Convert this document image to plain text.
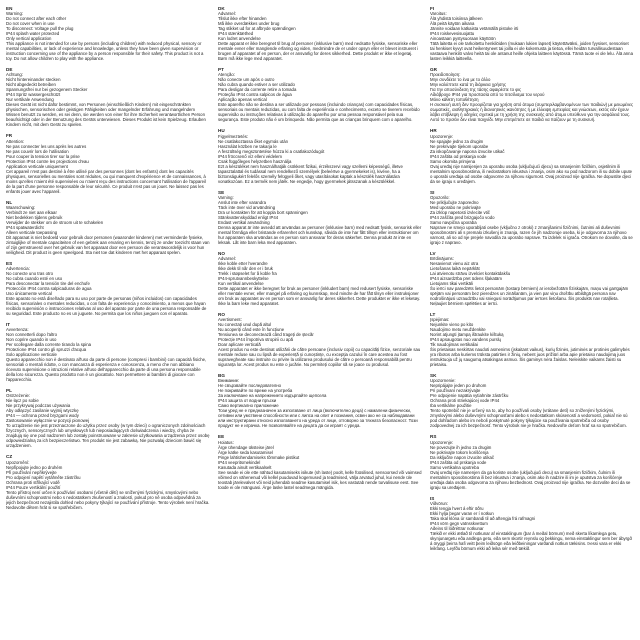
EN
Warning:
Do not connect after each other
Do not cover when in use
To disconnect: Voltage pull the plug
IP44 splash water protected
Only vertical application
This appliance is not intended for use by persons (including children) with reduced physical, sensory or mental capabilities, or lack of experience and knowledge, unless they have been given supervision or instruction concerning use of the appliance by a person responsible for their safety. This product is not a toy. Do not allow children to play with the appliance.
DE
Achtung:
Nicht hintereinander stecken
Nicht abgedeckt betreiben
Spannungsfrei nur bei gezogenem Stecker
IP44 Spritz wassergeschützt
Nur vertikale Anwendung
Dieses Gerät ist nicht dafür bestimmt, von Personen (einschließlich Kindern) mit eingeschränkten physischen, sensorischen oder geistigen Fähigkeiten oder mangelnder Erfahrung und mangelndem Wissen benutzt zu werden, es sei denn, sie werden von einer für ihre Sicherheit verantwortlichen Person beaufsichtigt oder in der Benutzung des Geräts unterwiesen. Dieses Produkt ist kein Spielzeug. Erlauben Kindern nicht, mit dem Gerät zu spielen.
FR
Attention:
Ne pas connecter les uns après les autres
Ne pas couvrir lors de l'utilisation
Pour couper la tension tirer sur la prise
Protection IP44 contre les projections d'eau
Application verticale uniquement
Cet appareil n'est pas destiné à être utilisé par des personnes (dont les enfants) dont les capacités physiques, sensorielles ou mentales sont réduites, ou qui manquent d'expérience et de connaissances, à moins qu'elles n'aient été supervisées ou n'aient reçu des instructions concernant l'utilisation de l'appareil de la part d'une personne responsable de leur sécurité. Ce produit n'est pas un jouet. Ne laissez pas les enfants jouer avec l'appareil.
NL
Waarschuwing:
Verbindt ze niet aan elkaar
Niet bedekken tijdens gebruik
Verwijder de stekker om de stroom uit te schakelen
IP44 spatwaterdicht
Alleen verticale toepassing
Dit apparaat is niet bedoeld voor gebruik door personen (waaronder kinderen) met verminderde fysieke, zintuiglijke of mentale capaciteiten of een gebrek aan ervaring en kennis, tenzij ze onder toezicht staan van of zijn geïnstrueerd over het gebruik van het apparaat door een persoon die verantwoordelijk is voor hun veiligheid. Dit product is geen speelgoed. Sta niet toe dat kinderen met het apparaat spelen.
ES
Advertencia:
No conecte uno tras otro
No cubra cuando esté en uso
Para desconectar la tensión tire del enchufe
Protección IP44 contra salpicaduras de agua
Uso únicamente vertical
Este aparato no está diseñado para su uso por parte de personas (niños incluidos) con capacidades físicas, sensoriales o mentales reducidas, o con falta de experiencia y conocimiento, a menos que hayan recibido supervisión o instrucciones relativas al uso del aparato por parte de una persona responsable de su seguridad. Este producto no es un juguete. No permita que los niños jueguen con el aparato.
IT
Avvertenza:
Non connetterli dopo l'altro
Non coprire quando in uso
Per scollegare dalla corrente tirando la spina
Protezione IP44 contro gli spruzzi d'acqua
Solo applicazione verticale
Questo apparecchio non è destinato all'uso da parte di persone (compresi i bambini) con capacità fisiche, sensoriali o mentali ridotte, o con mancanza di esperienza e conoscenza, a meno che non abbiano ricevuto supervisione o istruzioni relative all'uso dell'apparecchio da parte di una persona responsabile della loro sicurezza. Questo prodotto non è un giocattolo. Non permettere ai bambini di giocare con l'apparecchio.
PL
Ostrzeżenie:
Nie łącz po sobie
Nie przykrywaj podczas używania
Aby odłączyć zasilanie wyjmij wtyczkę
IP44 — ochrona przed bryzgami wody
Zastosowanie wyłącznie w pozycji pionowej
To urządzenie nie jest przeznaczone do użytku przez osoby (w tym dzieci) o ograniczonych zdolnościach fizycznych, sensorycznych lub umysłowych lub nieposiadających doświadczenia i wiedzy, chyba że znajdują się one pod nadzorem lub zostały poinstruowane w zakresie użytkowania urządzenia przez osobę odpowiedzialną za ich bezpieczeństwo. Ten produkt nie jest zabawką. Nie pozwalaj dzieciom bawić się urządzeniem.
CZ
Upozornění:
Nepřipojujte jedno po druhém
Při používání nepřikrývejte
Pro odpojení napětí vytáhněte zástrčku
Ochrana proti stříkající vodě
IP44 Pouze vertikální použití
Tento přístroj není určen k používání osobami (včetně dětí) se sníženými fyzickými, smyslovými nebo duševními schopnostmi nebo s nedostatkem zkušeností a znalostí, pokud pro ně osoba odpovědná za jejich bezpečnost nezajistila dohled nebo pokyny týkající se používání přístroje. Tento výrobek není hračka. Nedovolte dětem hrát si se spotřebičem.
DK
Advarsel:
Tilslut ikke efter hinanden
Må ikke overdækkes under brug
Tag stikket ud for at afbryde spændingen
IP44 stænktæthed
Kun lodret anvendelse
Dette apparat er ikke beregnet til brug af personer (inklusive børn) med nedsatte fysiske, sensoriske eller mentale evner eller manglende erfaring og viden, medmindre de er under opsyn eller er blevet instrueret i brugen af apparatet af en person, der er ansvarlig for deres sikkerhed. Dette produkt er ikke et legetøj. Børn må ikke lege med apparatet.
PT
Atenção:
Não conecte um após o outro
Não cubra quando estiver a ser utilizado
Para desligar da corrente retire a tomada
Proteção IP44 contra salpicos de água
Aplicação apenas vertical
Este aparelho não se destina a ser utilizado por pessoas (incluindo crianças) com capacidades físicas, sensoriais ou mentais reduzidas, ou com falta de experiência e conhecimento, exceto se tiverem recebido supervisão ou instruções relativas à utilização do aparelho por uma pessoa responsável pela sua segurança. Este produto não é um brinquedo. Não permita que as crianças brinquem com o aparelho.
HU
Figyelmeztetés:
Ne csatlakoztassa őket egymás után
Használat közben ne takarja le
A feszültség megszüntetése húzza ki a csatlakozódugót
IP44 fröccsenő víz elleni védelem
Csak függőleges helyzetben használja
Ezt a készüléket nem használhatják csökkent fizikai, érzékszervi vagy szellemi képességű, illetve tapasztalattal és tudással nem rendelkező személyek (beleértve a gyermekeket is), kivéve, ha a biztonságukért felelős személy felügyeli őket, vagy utasításokat kaptak a készülék használatára vonatkozóan. Ez a termék nem játék. Ne engedje, hogy gyermekek játsszanak a készülékkel.
SE
Varning:
Anslut inte efter varandra
Täck inte över vid användning
Dra ur kontakten för att koppla bort spänningen
Stänkvattenskyddad enligt IP44
Endast vertikal användning
Denna apparat är inte avsedd att användas av personer (inklusive barn) med nedsatt fysisk, sensorisk eller mental förmåga eller bristande erfarenhet och kunskap, såvida de inte har fått tillsyn eller instruktioner om hur apparaten ska användas av en person som ansvarar för deras säkerhet. Denna produkt är inte en leksak. Låt inte barn leka med apparaten.
NO
Advarsel:
Ikke koble etter hverandre
Ikke dekk til når den er i bruk
Trekk i støpselet for å koble fra
IP44-sprutvannbeskyttelse
Kun vertikal anvendelse
Dette apparatet er ikke beregnet for bruk av personer (inkludert barn) med redusert fysiske, sensoriske eller mentale evner, eller mangel på erfaring og kunnskap, med mindre de har fått tilsyn eller instruksjoner om bruk av apparatet av en person som er ansvarlig for deres sikkerhet. Dette produktet er ikke et leketøy. Ikke la barn leke med apparatet.
RO
Avertisment:
Nu conectați unul după altul
Nu acoperiți când este în funcțiune
Tensiunea se deconectează când trageți de ștecăr
Protecție IP44 împotriva stropirii cu apă
Doar aplicare verticală
Acest produs nu este destinat utilizării de către persoane (inclusiv copii) cu capacități fizice, senzoriale sau mentale reduse sau cu lipsă de experiență și cunoștințe, cu excepția cazului în care acestea au fost supravegheate sau instruite cu privire la utilizarea produsului de către o persoană responsabilă pentru siguranța lor. Acest produs nu este o jucărie. Nu permiteți copiilor să se joace cu produsul.
BG
Внимание:
Не свързвайте последователно
Не покривайте по време на употреба
За изключване на напрежението издърпайте щепсела
IP44 защита от водни пръски
Само вертикално приложение
Този уред не е предназначен за използване от лица (включително деца) с намалени физически, сетивни или умствени способности или с липса на опит и познания, освен ако не са наблюдавани или инструктирани относно използването на уреда от лице, отговорно за тяхната безопасност. Този продукт не е играчка. Не позволявайте на децата да си играят с уреда.
EE
Hoiatus:
Ärge ühendage üksteise järel
Ärge katke seda kasutamisel
Pinge lahtiühendamiseks tõmmake pistikut
IP44 veepritsmekindel
Kasutada ainult vertikaalselt
See seade ei ole ette nähtud kasutamiseks isikute (sh laste) poolt, kelle füüsilised, sensoorsed või vaimsed võimed on vähenenud või kellel puuduvad kogemused ja teadmised, välja arvatud juhul, kui nende üle teostab järelevalvet või neid juhendab seadme kasutamisel isik, kes vastutab nende turvalisuse eest. See toode ei ole mänguasi. Ärge laske lastel seadmega mängida.
FI
Varoitus:
Älä yhdistä toisiinsa jälkeen
Älä peitä käytön aikana
Jännite voidaan katkaista vetämällä pistoke irti
IP44 roiskevesisuojattu
Ainoastaan pystysuoraan käyttöön
Tätä laitetta ei ole tarkoitettu henkilöiden (mukaan lukien lapset) käytettäväksi, joiden fyysiset, sensoriset tai henkiset kyvyt ovat heikentyneet tai joilla ei ole kokemusta ja tietoa, ellei heidän turvallisuudestaan vastaava henkilö valvo heitä tai ole antanut heille ohjeita laitteen käytössä. Tämä tuote ei ole lelu. Älä anna lasten leikkiä laitteella.
GR
Προειδοποίηση:
Μην συνδέετε το ένα με το άλλο
Μην καλύπτετε κατά τη διάρκεια χρήσης
Για την αποσύνδεση της τάσης αφαιρέστε το φις
Αδιάβροχο IP44 για προστασία από το πιτσίλισμα του νερού
Μόνο κάθετη τοποθέτηση
Η συσκευή αυτή δεν προορίζεται για χρήση από άτομα (συμπεριλαμβανομένων των παιδιών) με μειωμένες σωματικές, αισθητηριακές ή διανοητικές ικανότητες ή με έλλειψη εμπειρίας και γνώσεων, εκτός εάν έχουν λάβει επίβλεψη ή οδηγίες σχετικά με τη χρήση της συσκευής από άτομο υπεύθυνο για την ασφάλειά τους. Αυτό το προϊόν δεν είναι παιχνίδι. Μην επιτρέπετε σε παιδιά να παίζουν με τη συσκευή.
HR
Upozorenje:
Ne spajajte jedno za drugim
Ne prekrivajte tijekom uporabe
Za iskopčavanje napona izvucite utikač
IP44 zaštita od prskanja vode
Samo okomita primjena
Ovaj uređaj nije namijenjen za uporabu osoba (uključujući djecu) sa smanjenim fizičkim, osjetilnim ili mentalnim sposobnostima, ili nedostatkom iskustva i znanja, osim ako su pod nadzorom ili su dobile upute o uporabi uređaja od osobe odgovorne za njihovu sigurnost. Ovaj proizvod nije igračka. Ne dopustite djeci da se igraju s uređajem.
SI
Opozorilo:
Ne priključujte zaporedno
Med uporabo ne pokrivajte
Za izklop napetosti izvlecite vtič
IP44 zaščita pred brizgajočo vodo
Samo navpična uporaba
Naprave ne smejo uporabljati osebe (vključno z otroki) z zmanjšanimi fizičnimi, čutnimi ali duševnimi sposobnostmi ali s premalo izkušenj in znanja, razen če jih nadzoruje oseba, ki je odgovorna za njihovo varnost, ali so od nje prejele navodila za uporabo naprave. Ta izdelek ni igrača. Otrokom ne dovolite, da se igrajo z napravo.
LV
Brīdinājums:
Nesavienot vienu aiz otra
Lietošanas laikā nepārklāt
Lai atvienotu strāvu izvelciet kontaktdakšu
IP44 aizsardzība pret ūdens šļakatām
Lietojams tikai vertikāli
Šo ierīci nav paredzēts lietot personām (tostarp bērniem) ar ierobežotām fiziskajām, maņu vai garīgajām spējām vai personām bez pieredzes un zināšanām, ja vien par viņu drošību atbildīgā persona nav nodrošinājusi uzraudzību vai sniegusi norādījumus par ierīces lietošanu. Šis produkts nav rotaļlieta. Neļaujiet bērniem spēlēties ar ierīci.
LT
Įspėjimas:
Nejunkite vieno po kito
Naudojimo metu neuždenkite
Norint atjungti įtampą ištraukite kištuką
IP44 apsaugotas nuo vandens purslų
Tik naudojimas vertikaliai
Šis prietaisas neskirtas naudoti asmenims (įskaitant vaikus), kurių fizinės, jutiminės ar protinės galimybės yra ribotos arba kuriems trūksta patirties ir žinių, nebent juos prižiūri arba apie prietaiso naudojimą juos instruktuoja už jų saugumą atsakingas asmuo. Šis gaminys nėra žaislas. Neleiskite vaikams žaisti su prietaisu.
SK
Upozornenie:
Nepripájajte jeden po druhom
Pri používaní nezakrývajte
Pre odpojenie napätia vytiahnite zástrčku
Ochrana proti striekajúcej vode IP44
Iba vertikálne použitie
Tento spotrebič nie je určený na to, aby ho používali osoby (vrátane detí) so zníženými fyzickými, zmyslovými alebo duševnými schopnosťami alebo s nedostatkom skúseností a vedomostí, pokiaľ nie sú pod dohľadom alebo im neboli poskytnuté pokyny týkajúce sa používania spotrebiča od osoby zodpovednej za ich bezpečnosť. Tento výrobok nie je hračka. Nedovoľte deťom hrať sa so spotrebičom.
RS
Upozorenje:
Ne povezujte ih jedno za drugim
Ne pokrivajte tokom korišćenja
Da isključite napon izvucite utikač
IP44 zaštita od prskanja vode
Samo vertikalna upotreba
Ovaj uređaj nije namenjen da ga koriste osobe (uključujući decu) sa smanjenim fizičkim, čulnim ili mentalnim sposobnostima ili bez iskustva i znanja, osim ako ih nadzire ili im je uputstva za korišćenje uređaja dala osoba odgovorna za njihovu bezbednost. Ovaj proizvod nije igračka. Ne dozvolite deci da se igraju sa uređajem.
IS
Viðvörun:
Ekki tengja hvert á eftir öðru
Ekki hylja þegar varan er í notkun
Taka skal klóna úr sambandi til að aftengja frá rafmagni
IP44 vörn gegn vatnsskvettum
Aðeins til lóðréttrar notkunar
Tækið er ekki ætlað til notkunar af einstaklingum (þar á meðal börnum) með skerta líkamlega getu, skynjunargetu eða andlega getu, eða sem skortir reynslu og þekkingu, nema einstaklingur sem ber ábyrgð á öryggi þeirra hafi veitt þeim leiðsögn eða leiðbeiningar varðandi notkun tækisins. Þessi vara er ekki leikfang. Leyfðu börnum ekki að leika sér með tækið.
